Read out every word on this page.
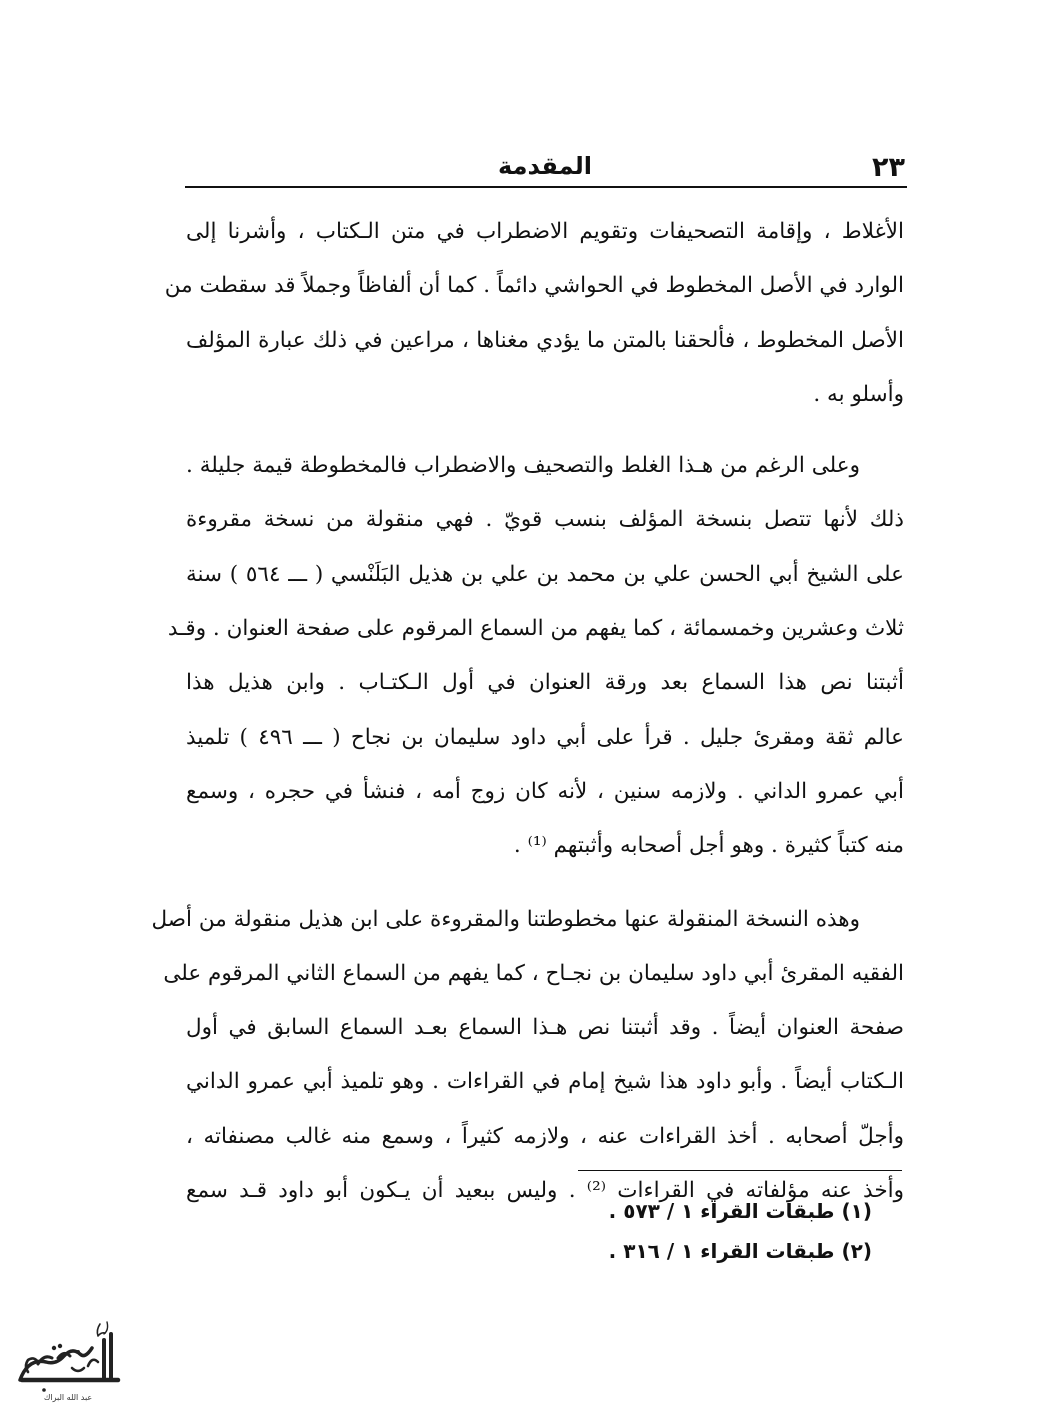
٢٣
المقدمة

الأغلاط ، وإقامة التصحيفات وتقويم الاضطراب في متن الـكتاب ، وأشرنا إلى
الوارد في الأصل المخطوط في الحواشي دائماً . كما أن ألفاظاً وجملاً قد سقطت من
الأصل المخطوط ، فألحقنا بالمتن ما يؤدي مغناها ، مراعين في ذلك عبارة المؤلف
وأسلو به .

وعلى الرغم من هـذا الغلط والتصحيف والاضطراب فالمخطوطة قيمة جليلة .
ذلك لأنها تتصل بنسخة المؤلف بنسب قويّ . فهي منقولة من نسخة مقروءة
على الشيخ أبي الحسن علي بن محمد بن علي بن هذيل البَلَنْسي ( ـــ ٥٦٤ ) سنة
ثلاث وعشرين وخمسمائة ، كما يفهم من السماع المرقوم على صفحة العنوان . وقـد
أثبتنا نص هذا السماع بعد ورقة العنوان في أول الـكتـاب . وابن هذيل هذا
عالم ثقة ومقرئ جليل . قرأ على أبي داود سليمان بن نجاح ( ـــ ٤٩٦ ) تلميذ
أبي عمرو الداني . ولازمه سنين ، لأنه كان زوج أمه ، فنشأ في حجره ، وسمع
منه كتباً كثيرة . وهو أجل أصحابه وأثبتهم ⁽¹⁾ .

وهذه النسخة المنقولة عنها مخطوطتنا والمقروءة على ابن هذيل منقولة من أصل
الفقيه المقرئ أبي داود سليمان بن نجـاح ، كما يفهم من السماع الثاني المرقوم على
صفحة العنوان أيضاً . وقد أثبتنا نص هـذا السماع بعـد السماع السابق في أول
الـكتاب أيضاً . وأبو داود هذا شيخ إمام في القراءات . وهو تلميذ أبي عمرو الداني
وأجلّ أصحابه . أخذ القراءات عنه ، ولازمه كثيراً ، وسمع منه غالب مصنفاته ،
وأخذ عنه مؤلفاته في القراءات ⁽²⁾ . وليس ببعيد أن يـكون أبو داود قـد سمع

(١) طبقات القراء ١ / ٥٧٣ .
(٢) طبقات القراء ١ / ٣١٦ .
عبد الله البراك
